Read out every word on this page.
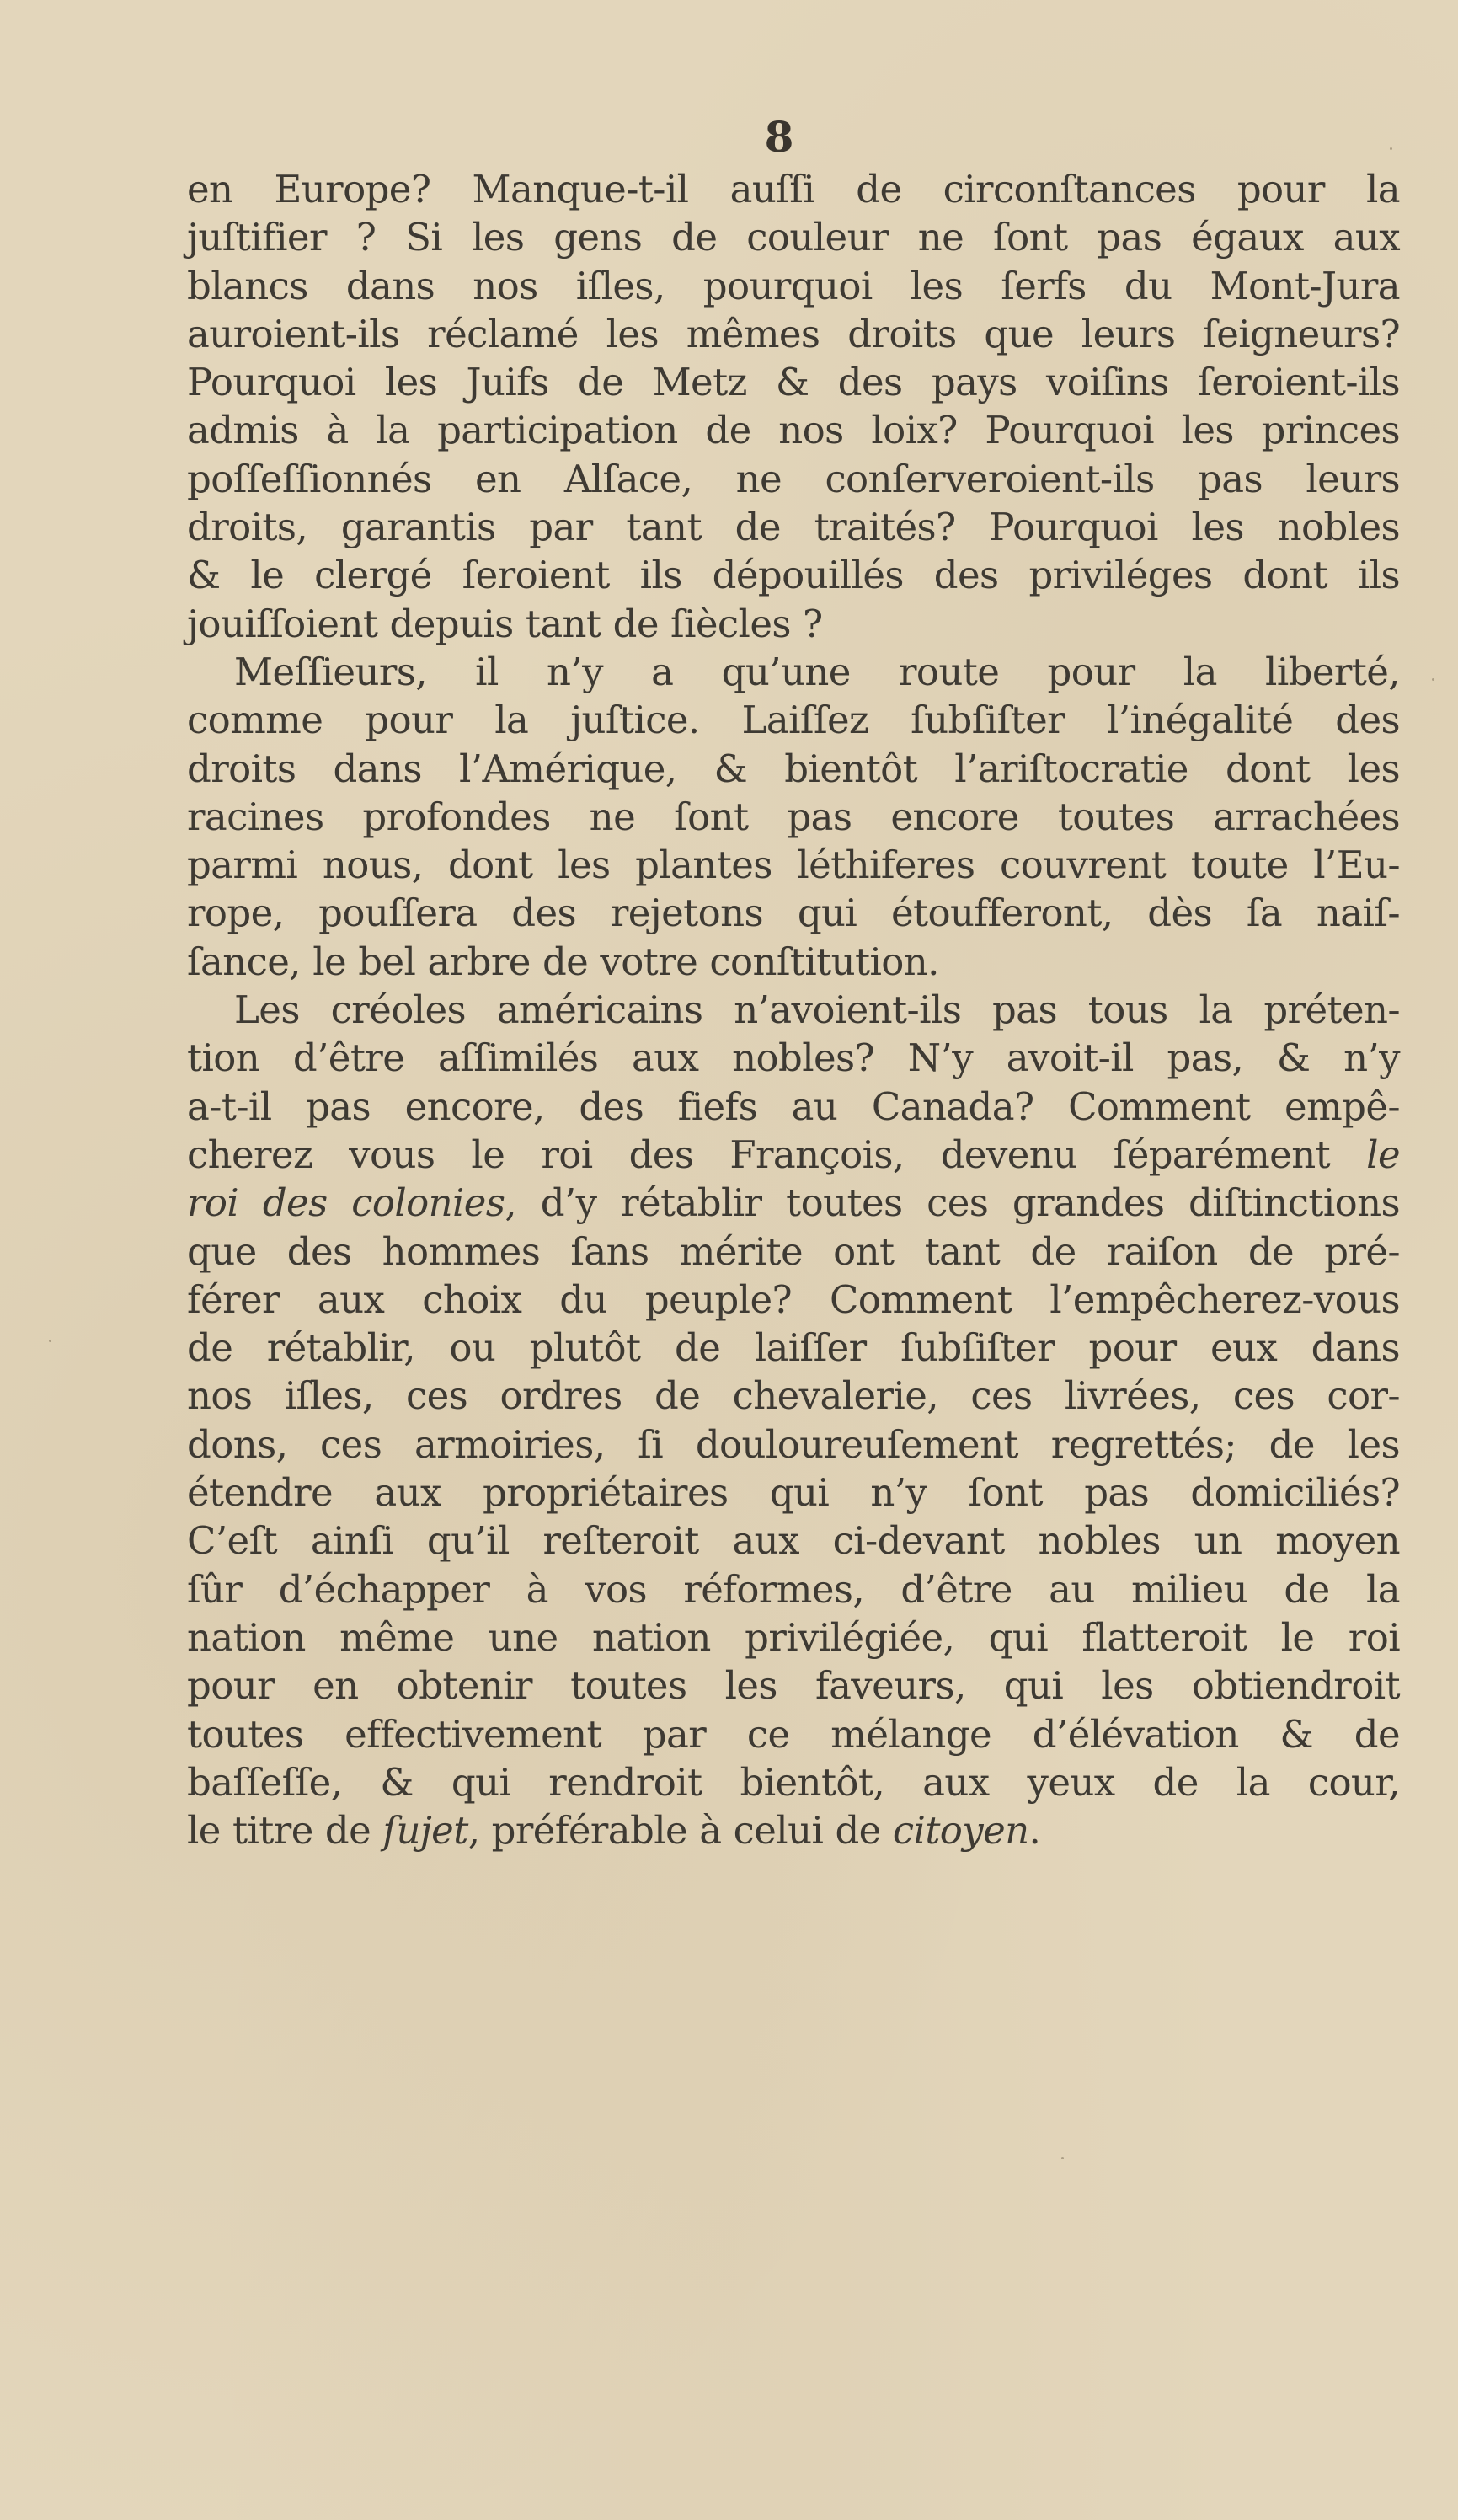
8
en Europe? Manque-t-il auſſi de circonſtances pour la
juſtifier ? Si les gens de couleur ne ſont pas égaux aux
blancs dans nos iſles, pourquoi les ſerfs du Mont-Jura
auroient-ils réclamé les mêmes droits que leurs ſeigneurs?
Pourquoi les Juifs de Metz & des pays voiſins ſeroient-ils
admis à la participation de nos loix? Pourquoi les princes
poſſeſſionnés en Alſace, ne conſerveroient-ils pas leurs
droits, garantis par tant de traités? Pourquoi les nobles
& le clergé ſeroient ils dépouillés des priviléges dont ils
jouiſſoient depuis tant de ſiècles ?
Meſſieurs, il n’y a qu’une route pour la liberté,
comme pour la juſtice. Laiſſez ſubſiſter l’inégalité des
droits dans l’Amérique, & bientôt l’ariſtocratie dont les
racines profondes ne ſont pas encore toutes arrachées
parmi nous, dont les plantes léthiferes couvrent toute l’Eu-
rope, pouſſera des rejetons qui étoufferont, dès ſa naiſ-
ſance, le bel arbre de votre conſtitution.
Les créoles américains n’avoient-ils pas tous la préten-
tion d’être aſſimilés aux nobles? N’y avoit-il pas, & n’y
a-t-il pas encore, des fiefs au Canada? Comment empê-
cherez vous le roi des François, devenu ſéparément le
roi des colonies, d’y rétablir toutes ces grandes diſtinctions
que des hommes ſans mérite ont tant de raiſon de pré-
férer aux choix du peuple? Comment l’empêcherez-vous
de rétablir, ou plutôt de laiſſer ſubſiſter pour eux dans
nos iſles, ces ordres de chevalerie, ces livrées, ces cor-
dons, ces armoiries, ſi douloureuſement regrettés; de les
étendre aux propriétaires qui n’y ſont pas domiciliés?
C’eſt ainſi qu’il reſteroit aux ci-devant nobles un moyen
ſûr d’échapper à vos réformes, d’être au milieu de la
nation même une nation privilégiée, qui flatteroit le roi
pour en obtenir toutes les faveurs, qui les obtiendroit
toutes effectivement par ce mélange d’élévation & de
baſſeſſe, & qui rendroit bientôt, aux yeux de la cour,
le titre de ſujet, préférable à celui de citoyen.
